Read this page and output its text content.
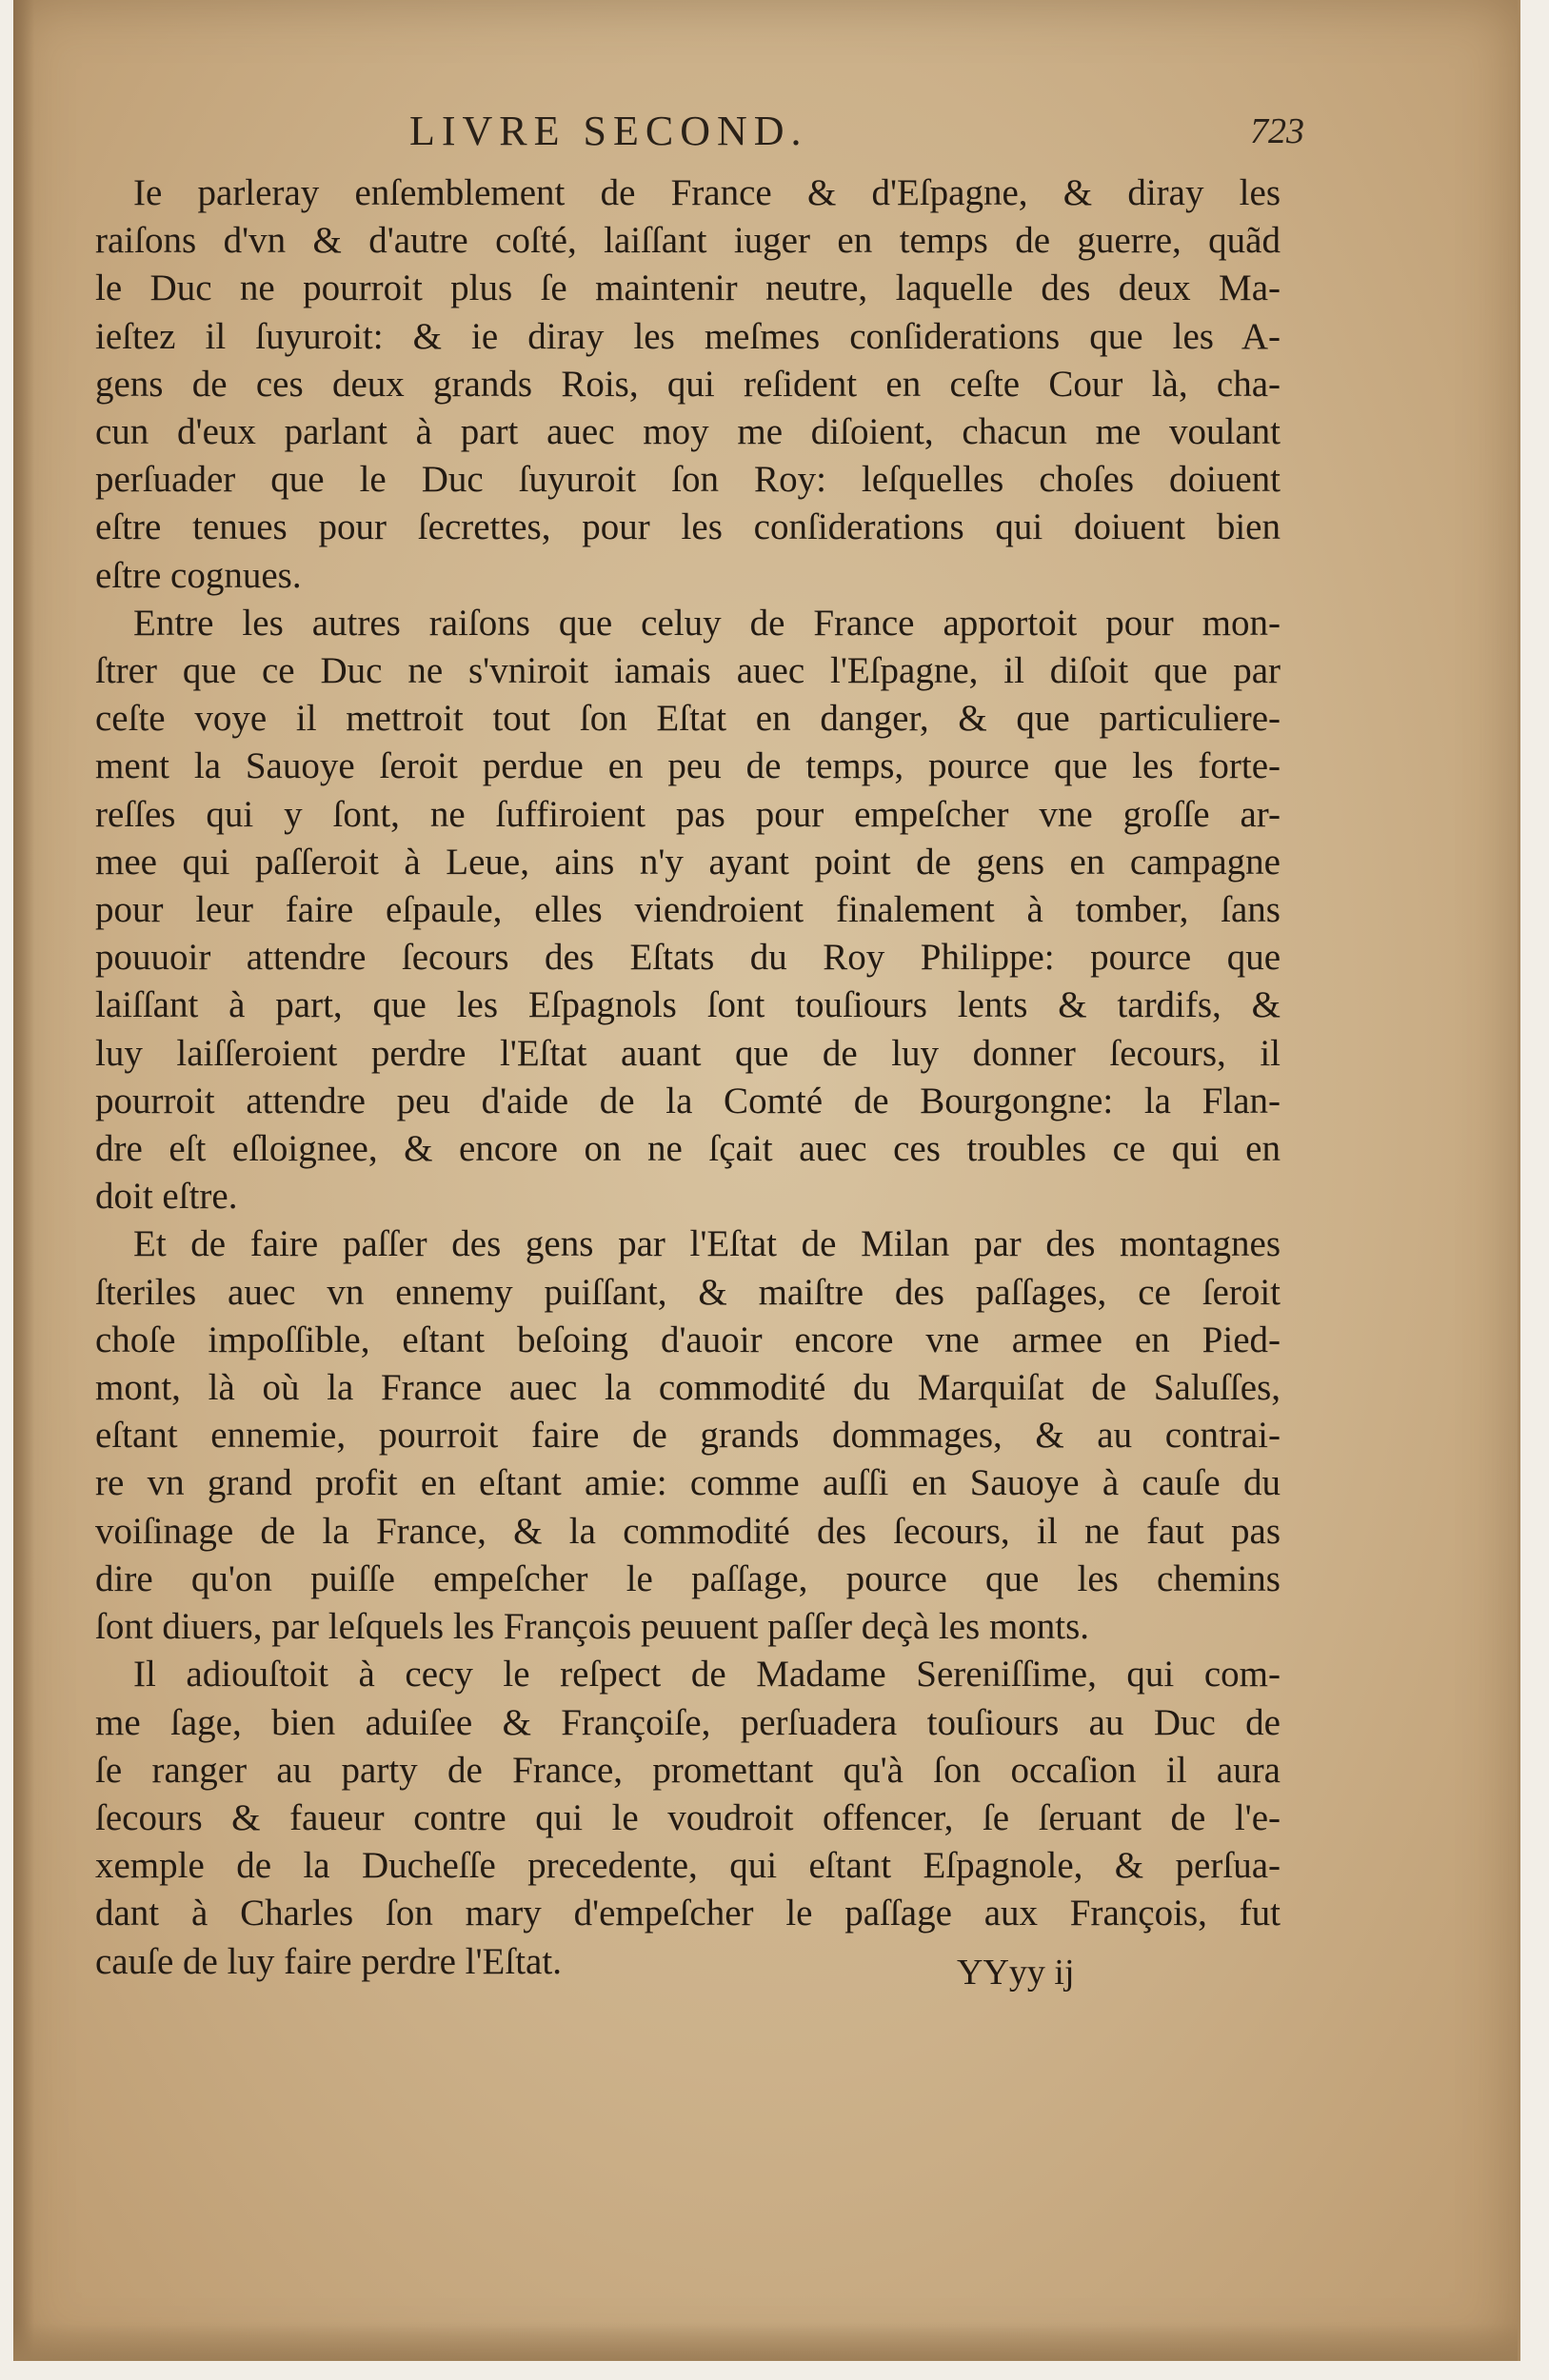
LIVRE SECOND.	723
Ie parleray enſemblement de France & d'Eſpagne, & diray les
raiſons d'vn & d'autre coſté, laiſſant iuger en temps de guerre, quãd
le Duc ne pourroit plus ſe maintenir neutre, laquelle des deux Ma-
ieſtez il ſuyuroit: & ie diray les meſmes conſiderations que les A-
gens de ces deux grands Rois, qui reſident en ceſte Cour là, cha-
cun d'eux parlant à part auec moy me diſoient, chacun me voulant
perſuader que le Duc ſuyuroit ſon Roy: leſquelles choſes doiuent
eſtre tenues pour ſecrettes, pour les conſiderations qui doiuent bien
eſtre cognues.
Entre les autres raiſons que celuy de France apportoit pour mon-
ſtrer que ce Duc ne s'vniroit iamais auec l'Eſpagne, il diſoit que par
ceſte voye il mettroit tout ſon Eſtat en danger, & que particuliere-
ment la Sauoye ſeroit perdue en peu de temps, pource que les forte-
reſſes qui y ſont, ne ſuffiroient pas pour empeſcher vne groſſe ar-
mee qui paſſeroit à Leue, ains n'y ayant point de gens en campagne
pour leur faire eſpaule, elles viendroient finalement à tomber, ſans
pouuoir attendre ſecours des Eſtats du Roy Philippe: pource que
laiſſant à part, que les Eſpagnols ſont touſiours lents & tardifs, &
luy laiſſeroient perdre l'Eſtat auant que de luy donner ſecours, il
pourroit attendre peu d'aide de la Comté de Bourgongne: la Flan-
dre eſt eſloignee, & encore on ne ſçait auec ces troubles ce qui en
doit eſtre.
Et de faire paſſer des gens par l'Eſtat de Milan par des montagnes
ſteriles auec vn ennemy puiſſant, & maiſtre des paſſages, ce ſeroit
choſe impoſſible, eſtant beſoing d'auoir encore vne armee en Pied-
mont, là où la France auec la commodité du Marquiſat de Saluſſes,
eſtant ennemie, pourroit faire de grands dommages, & au contrai-
re vn grand profit en eſtant amie: comme auſſi en Sauoye à cauſe du
voiſinage de la France, & la commodité des ſecours, il ne faut pas
dire qu'on puiſſe empeſcher le paſſage, pource que les chemins
ſont diuers, par leſquels les François peuuent paſſer deçà les monts.
Il adiouſtoit à cecy le reſpect de Madame Sereniſſime, qui com-
me ſage, bien aduiſee & Françoiſe, perſuadera touſiours au Duc de
ſe ranger au party de France, promettant qu'à ſon occaſion il aura
ſecours & faueur contre qui le voudroit offencer, ſe ſeruant de l'e-
xemple de la Ducheſſe precedente, qui eſtant Eſpagnole, & perſua-
dant à Charles ſon mary d'empeſcher le paſſage aux François, fut
cauſe de luy faire perdre l'Eſtat.	YYyy ij
